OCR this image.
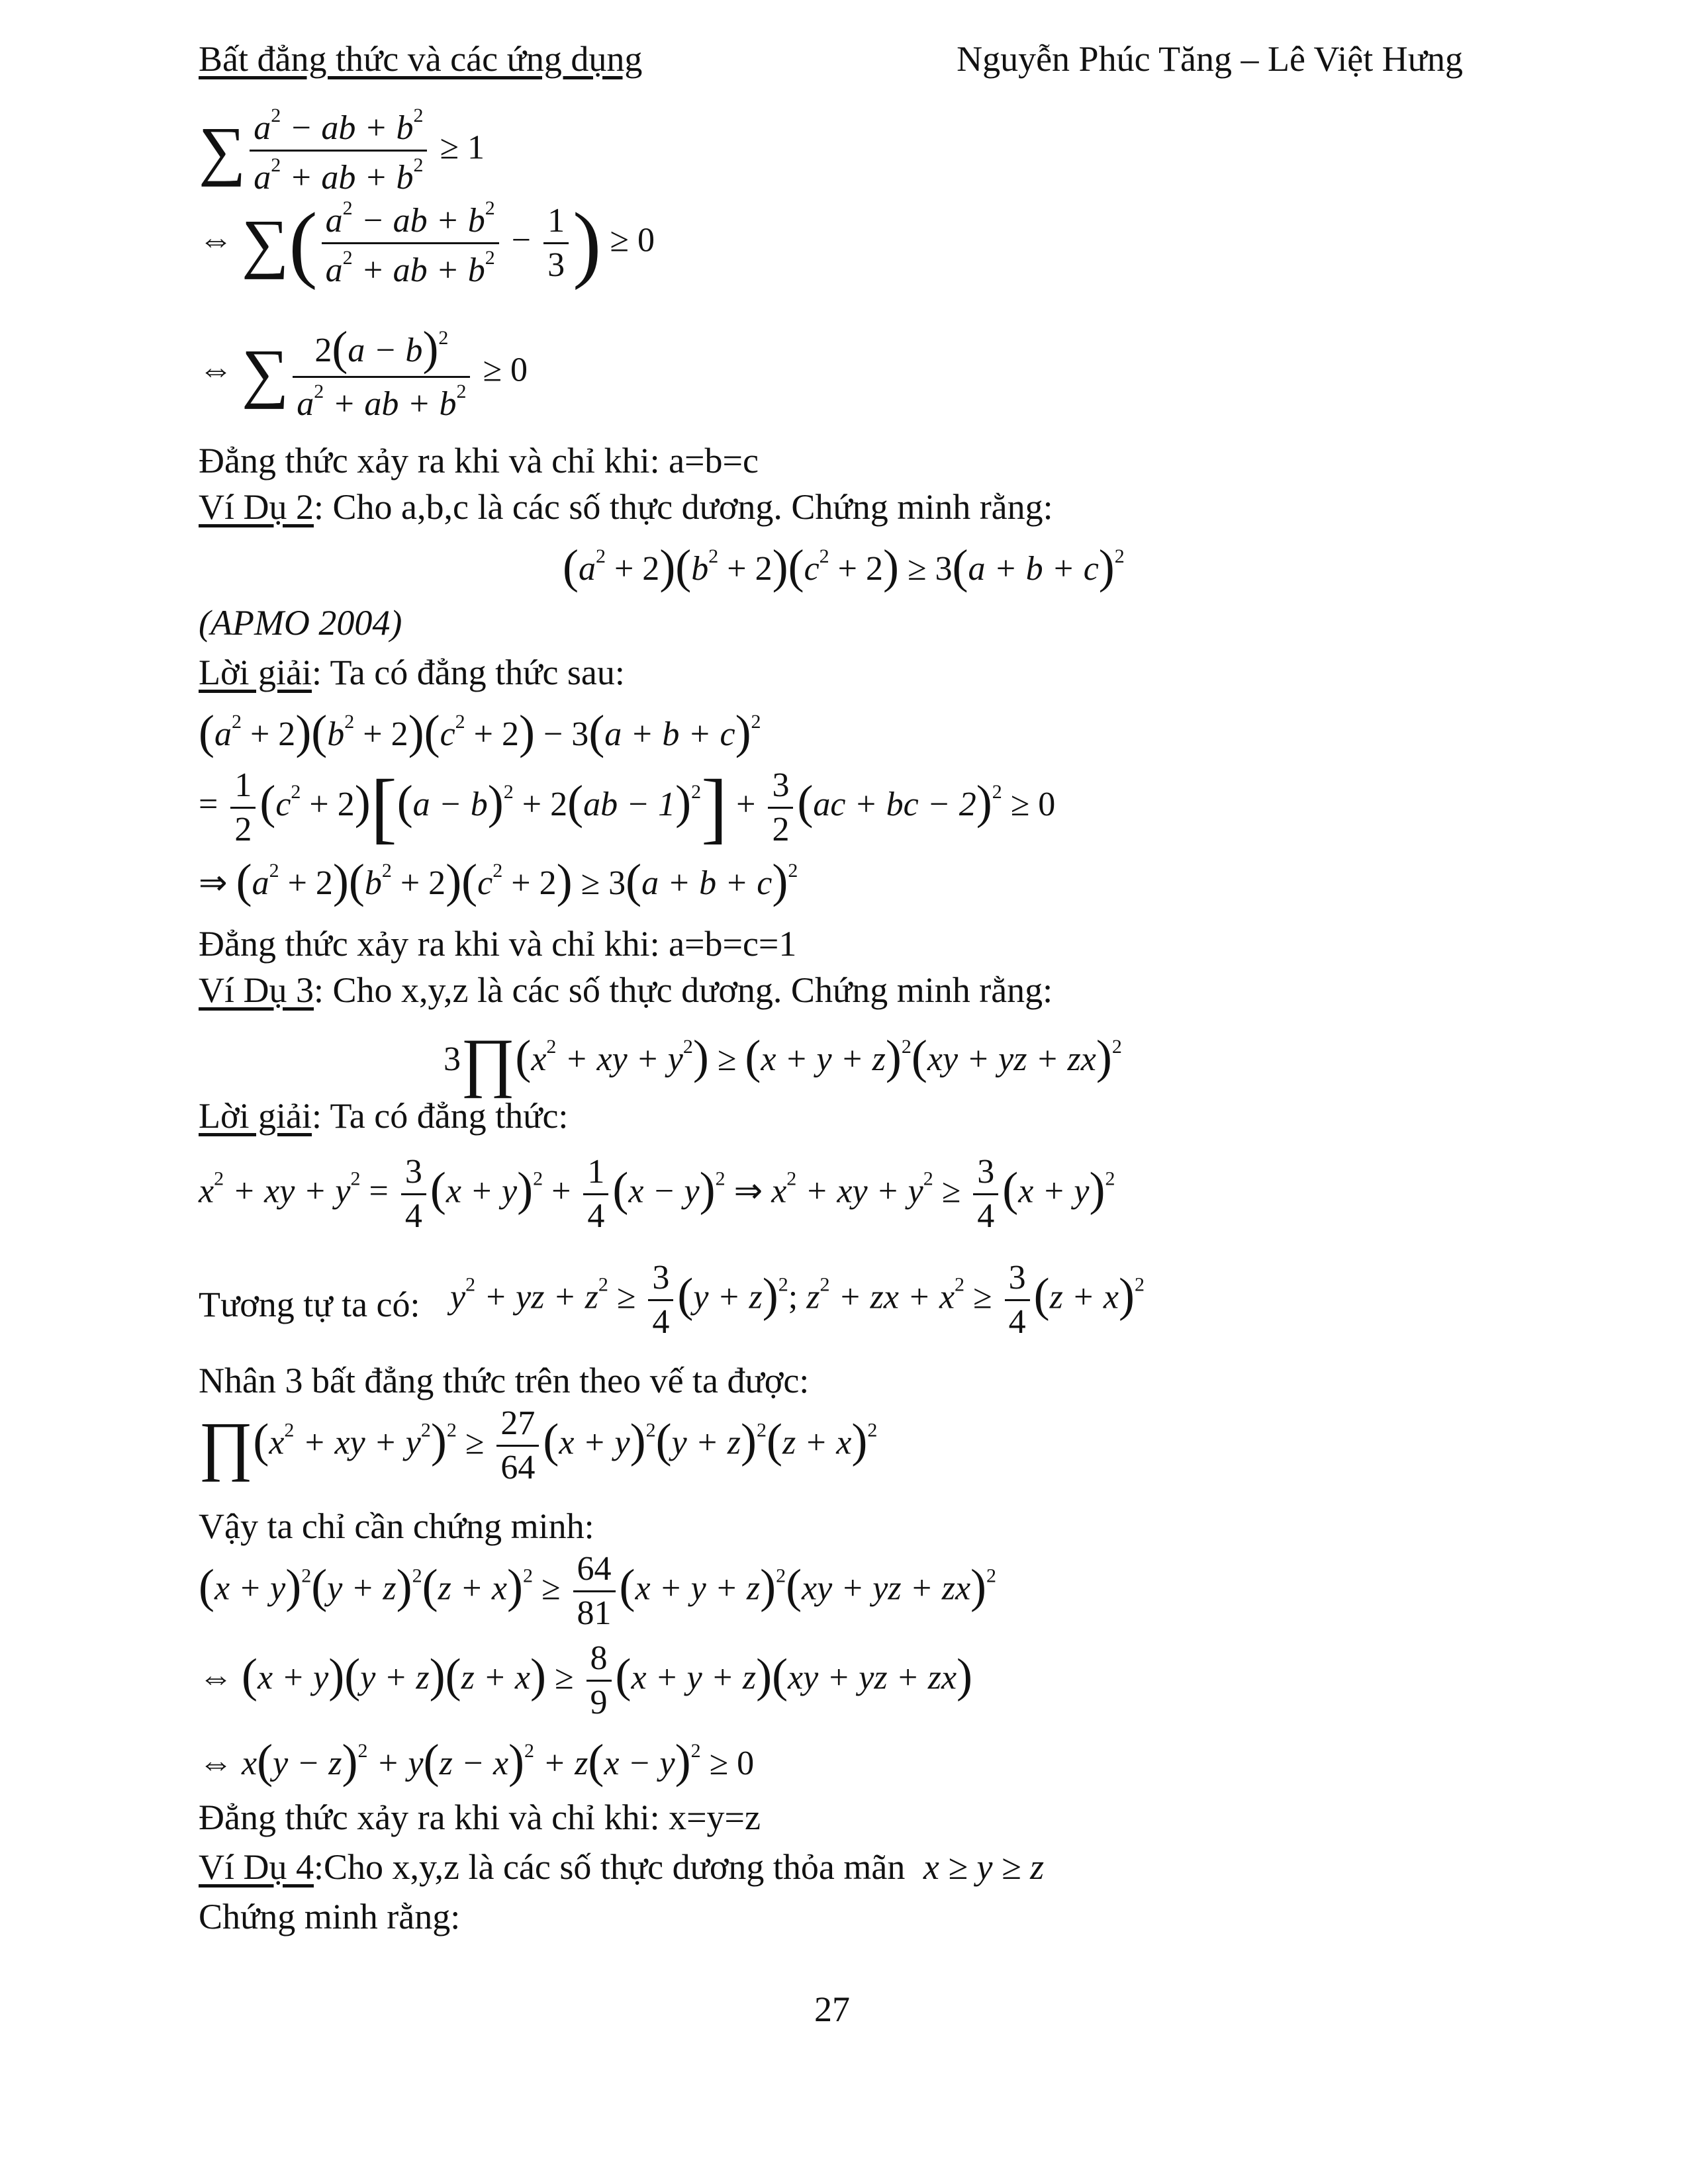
Bất đẳng thức và các ứng dụng	Nguyễn Phúc Tăng – Lê Việt Hưng
∑ $\frac{a^2 - ab + b^2}{a^2 + ab + b^2} \ge 1$
⇔ ∑( $\frac{a^2 - ab + b^2}{a^2 + ab + b^2} - \frac{1}{3}$ ) ≥ 0
⇔ ∑ $\frac{2(a - b)^2}{a^2 + ab + b^2} \ge 0$
Đẳng thức xảy ra khi và chỉ khi: a=b=c
Ví Dụ 2: Cho a,b,c là các số thực dương. Chứng minh rằng:
$(a^2 + 2)(b^2 + 2)(c^2 + 2) \ge 3(a + b + c)^2$
(APMO 2004)
Lời giải: Ta có đẳng thức sau:
$(a^2 + 2)(b^2 + 2)(c^2 + 2) - 3(a + b + c)^2$
= $\frac{1}{2} (c^2 + 2)[(a - b)^2 + 2(ab - 1)^2] + \frac{3}{2} (ac$ + bc − 2)$^2$ ≥ 0
⇒ $(a^2 + 2)(b^2 + 2)(c^2 + 2) \ge 3(a + b + c)^2$
Đẳng thức xảy ra khi và chỉ khi: a=b=c=1
Ví Dụ 3: Cho x,y,z là các số thực dương. Chứng minh rằng:
$3\prod(x^2$ + xy + $y^2) \ge (x + y + z)^2(xy$ + yz + zx)$^2$
Lời giải: Ta có đẳng thức:
$x^2$ + xy + $y^2 = \frac{3}{4} (x + y)^2 + \frac{1}{4} (x - y)^2$ ⇒ $x^2$ + xy + $y^2 \ge \frac{3}{4} (x + y)^2$
Tương tự ta có: $y^2$ + yz + $z^2 \ge \frac{3}{4} (y + z)^2$; $z^2$ + zx + $x^2 \ge \frac{3}{4} (z + x)^2$
Nhân 3 bất đẳng thức trên theo vế ta được:
$\prod(x^2$ + xy + $y^2)^2 \ge \frac{27}{64} (x + y)^2(y + z)^2(z + x)^2$
Vậy ta chỉ cần chứng minh:
$(x + y)^2(y + z)^2(z + x)^2 \ge \frac{64}{81} (x + y + z)^2(xy$ + yz + zx)$^2$
⇔ $(x + y)(y + z)(z + x) \ge \frac{8}{9} (x + y + z)(xy$ + yz + zx)
⇔ $x(y - z)^2 + y(z - x)^2 + z(x - y)^2 \ge 0$
Đẳng thức xảy ra khi và chỉ khi: x=y=z
Ví Dụ 4:Cho x,y,z là các số thực dương thỏa mãn x ≥ y ≥ z
Chứng minh rằng:
27
